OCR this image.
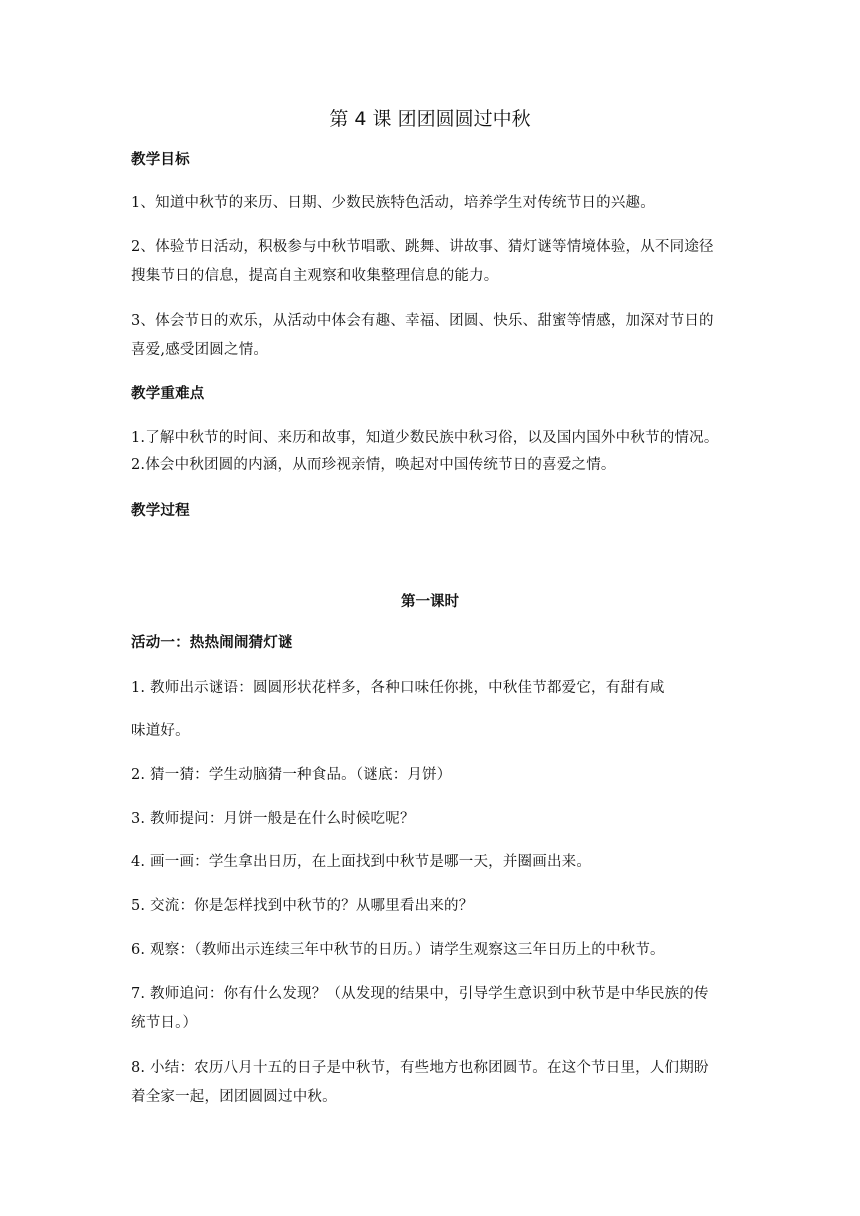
第 4 课 团团圆圆过中秋
教学目标
1、知道中秋节的来历、日期、少数民族特色活动，培养学生对传统节日的兴趣。
2、体验节日活动，积极参与中秋节唱歌、跳舞、讲故事、猜灯谜等情境体验，从不同途径
搜集节日的信息，提高自主观察和收集整理信息的能力。
3、体会节日的欢乐，从活动中体会有趣、幸福、团圆、快乐、甜蜜等情感，加深对节日的
喜爱,感受团圆之情。
教学重难点
1.了解中秋节的时间、来历和故事，知道少数民族中秋习俗，以及国内国外中秋节的情况。
2.体会中秋团圆的内涵，从而珍视亲情，唤起对中国传统节日的喜爱之情。
教学过程
第一课时
活动一：热热闹闹猜灯谜
1. 教师出示谜语：圆圆形状花样多，各种口味任你挑，中秋佳节都爱它，有甜有咸
味道好。
2. 猜一猜：学生动脑猜一种食品。（谜底：月饼）
3. 教师提问：月饼一般是在什么时候吃呢？
4. 画一画：学生拿出日历，在上面找到中秋节是哪一天，并圈画出来。
5. 交流：你是怎样找到中秋节的？从哪里看出来的？
6. 观察：（教师出示连续三年中秋节的日历。）请学生观察这三年日历上的中秋节。
7. 教师追问：你有什么发现？（从发现的结果中，引导学生意识到中秋节是中华民族的传
统节日。）
8. 小结：农历八月十五的日子是中秋节，有些地方也称团圆节。在这个节日里，人们期盼
着全家一起，团团圆圆过中秋。
